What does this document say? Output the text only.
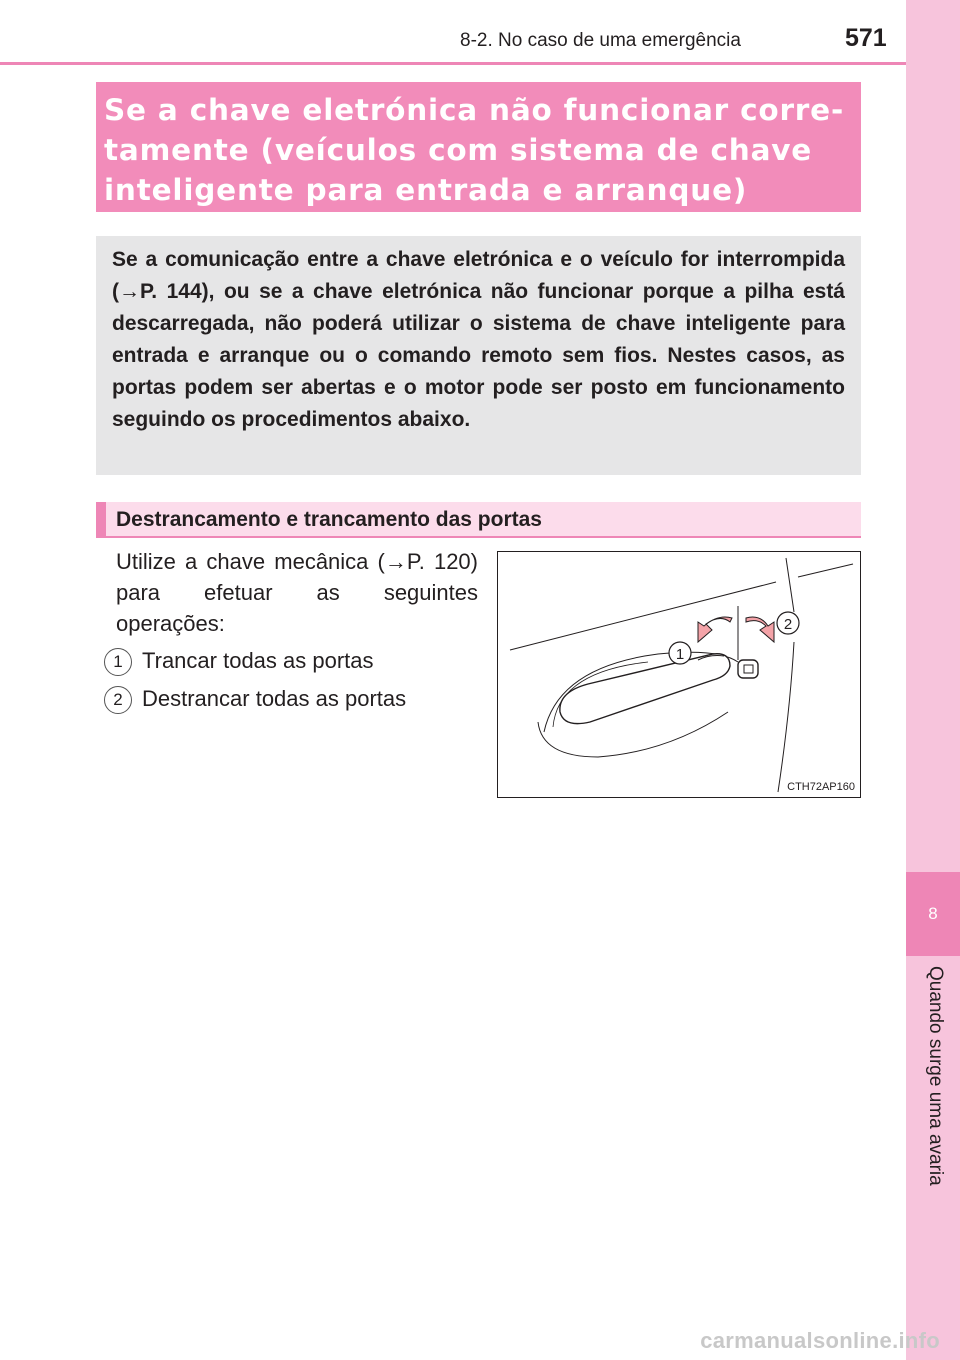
8-2. No caso de uma emergência	571
8
Quando surge uma avaria

Se a chave eletrónica não funcionar corre-
tamente (veículos com sistema de chave
inteligente para entrada e arranque)

Se a comunicação entre a chave eletrónica e o veículo for interrompida (→P. 144), ou se a chave eletrónica não funcionar porque a pilha está descarregada, não poderá utilizar o sistema de chave inteligente para entrada e arranque ou o comando remoto sem fios. Nestes casos, as portas podem ser abertas e o motor pode ser posto em funcionamento seguindo os procedimentos abaixo.

Destrancamento e trancamento das portas

Utilize a chave mecânica (→P. 120) para efetuar as seguintes operações:

1 Trancar todas as portas
2 Destrancar todas as portas
1
2
CTH72AP160
carmanualsonline.info
